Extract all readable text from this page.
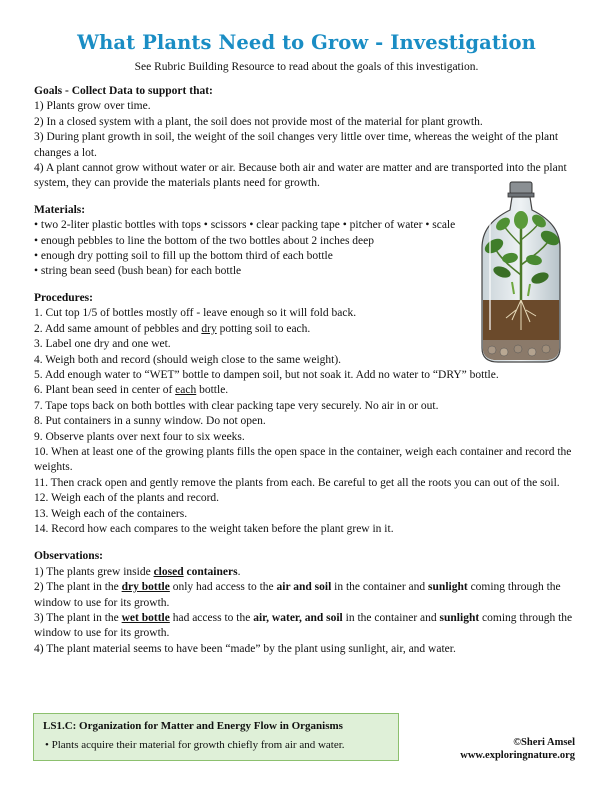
What Plants Need to Grow - Investigation
See Rubric Building Resource to read about the goals of this investigation.
Goals - Collect Data to support that:

1) Plants grow over time.

2) In a closed system with a plant, the soil does not provide most of the material for plant growth.

3) During plant growth in soil, the weight of the soil changes very little over time, whereas the weight of the plant changes a lot.

4) A plant cannot grow without water or air. Because both air and water are matter and are transported into the plant system, they can provide the materials plants need for growth.

Materials:

• two 2-liter plastic bottles with tops • scissors • clear packing tape • pitcher of water • scale

• enough pebbles to line the bottom of the two bottles about 2 inches deep

• enough dry potting soil to fill up the bottom third of each bottle

• string bean seed (bush bean) for each bottle

Procedures:

1. Cut top 1/5 of bottles mostly off - leave enough so it will fold back.

2. Add same amount of pebbles and dry potting soil to each.

3. Label one dry and one wet.

4. Weigh both and record (should weigh close to the same weight).

5. Add enough water to “WET” bottle to dampen soil, but not soak it. Add no water to “DRY” bottle.

6. Plant bean seed in center of each bottle.

7. Tape tops back on both bottles with clear packing tape very securely. No air in or out.

8. Put containers in a sunny window. Do not open.

9. Observe plants over next four to six weeks.

10. When at least one of the growing plants fills the open space in the container, weigh each container and record the weights.

11. Then crack open and gently remove the plants from each. Be careful to get all the roots you can out of the soil.

12. Weigh each of the plants and record.

13. Weigh each of the containers.

14. Record how each compares to the weight taken before the plant grew in it.

Observations:

1) The plants grew inside closed containers.

2) The plant in the dry bottle only had access to the air and soil in the container and sunlight coming through the window to use for its growth.

3) The plant in the wet bottle had access to the air, water, and soil in the container and sunlight coming through the window to use for its growth.

4) The plant material seems to have been “made” by the plant using sunlight, air, and water.

LS1.C: Organization for Matter and Energy Flow in Organisms
• Plants acquire their material for growth chiefly from air and water.	©Sheri Amsel
www.exploringnature.org
